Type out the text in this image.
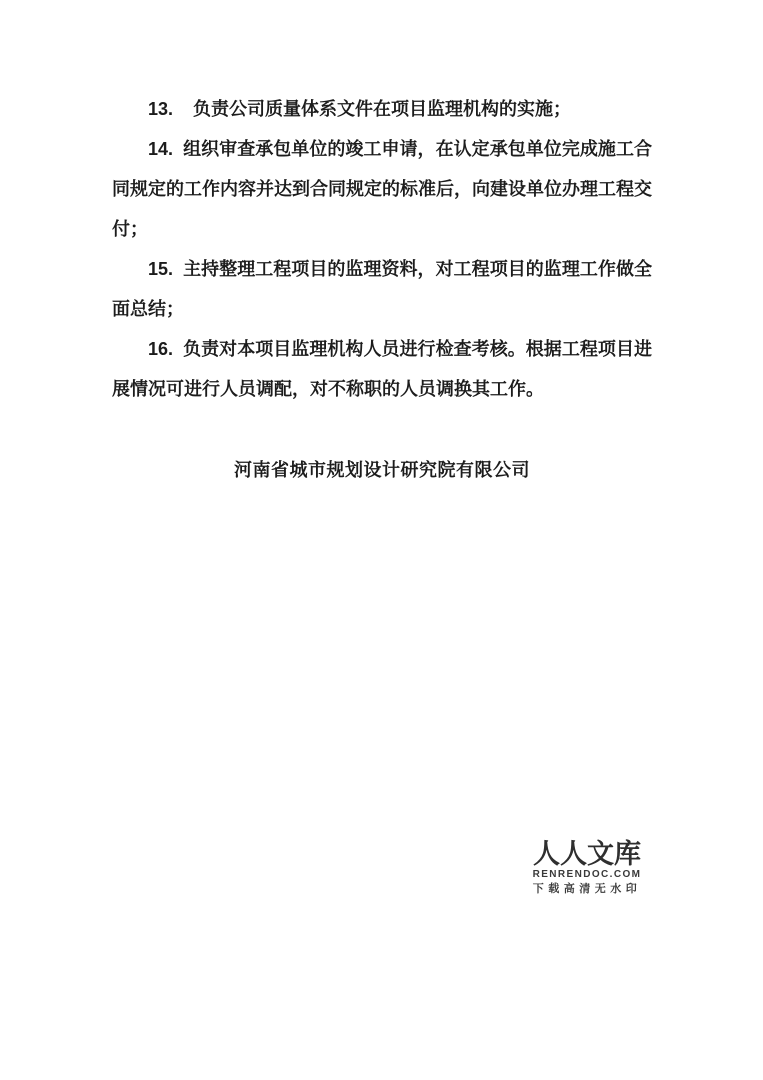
13.    负责公司质量体系文件在项目监理机构的实施；
14.  组织审查承包单位的竣工申请，在认定承包单位完成施工合
同规定的工作内容并达到合同规定的标准后，向建设单位办理工程交
付；
15.  主持整理工程项目的监理资料，对工程项目的监理工作做全
面总结；
16.  负责对本项目监理机构人员进行检查考核。根据工程项目进
展情况可进行人员调配，对不称职的人员调换其工作。
河南省城市规划设计研究院有限公司
人人文库
RENRENDOC.COM
下载高清无水印
